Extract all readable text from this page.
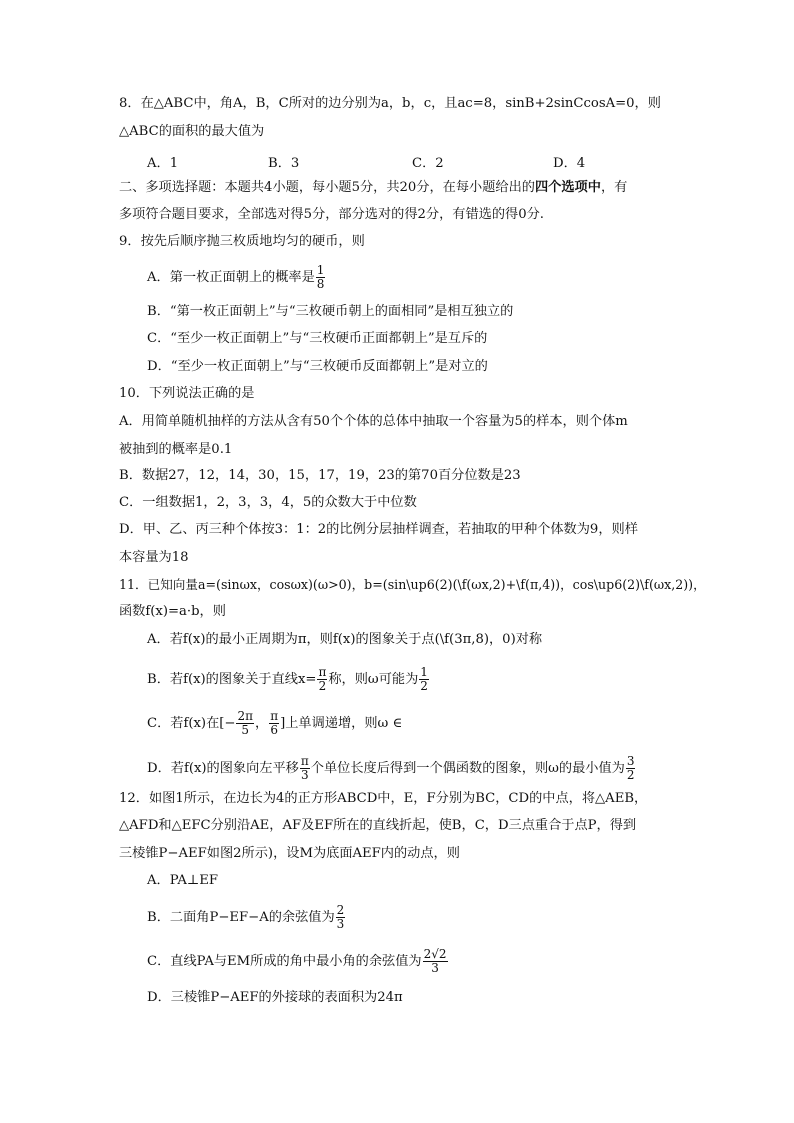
8．在△ABC中，角A，B，C所对的边分别为a，b，c，且ac=8，sinB+2sinCcosA=0，则
△ABC的面积的最大值为
A．1	B．3	C．2	D．4
二、多项选择题：本题共4小题，每小题5分，共20分，在每小题给出的四个选项中，有
多项符合题目要求，全部选对得5分，部分选对的得2分，有错选的得0分.
9．按先后顺序抛三枚质地均匀的硬币，则
A．第一枚正面朝上的概率是 $\frac{1}{8}$
B．“第一枚正面朝上”与“三枚硬币朝上的面相同”是相互独立的
C．“至少一枚正面朝上”与“三枚硬币正面都朝上”是互斥的
D．“至少一枚正面朝上”与“三枚硬币反面都朝上”是对立的
10．下列说法正确的是
A．用简单随机抽样的方法从含有50个个体的总体中抽取一个容量为5的样本，则个体m
被抽到的概率是0.1
B．数据27，12，14，30，15，17，19，23的第70百分位数是23
C．一组数据1，2，3，3，4，5的众数大于中位数
D．甲、乙、丙三种个体按3：1：2的比例分层抽样调查，若抽取的甲种个体数为9，则样
本容量为18
11．已知向量a=(sinωx，cosωx)(ω>0)，b=(sin\up6(2)(\f(ωx,2)+\f(π,4))，cos\up6(2)\f(ωx,2))，
函数f(x)=a·b，则
A．若f(x)的最小正周期为π，则f(x)的图象关于点(\f(3π,8)，0)对称
B．若f(x)的图象关于直线$x= \frac{\pi}{2}$ 称，则ω可能为 $\frac{1}{2}$
C．若f(x)在[− $\frac{2\pi}{5}$ ， $\frac{\pi}{6}$ ]上单调递增，则ω ∈
D．若f(x)的图象向左平移 $\frac{\pi}{3}$ 个单位长度后得到一个偶函数的图象，则ω的最小值为 $\frac{3}{2}$
12．如图1所示，在边长为4的正方形ABCD中，E，F分别为BC，CD的中点，将△AEB，
△AFD和△EFC分别沿AE，AF及EF所在的直线折起，使B，C，D三点重合于点P，得到
三棱锥P−AEF如图2所示)，设M为底面AEF内的动点，则
A．PA⊥EF
B．二面角P−EF−A的余弦值为 $\frac{2}{3}$
C．直线PA与EM所成的角中最小角的余弦值为 $\frac{2√2}{3}$
D．三棱锥P−AEF的外接球的表面积为24π
